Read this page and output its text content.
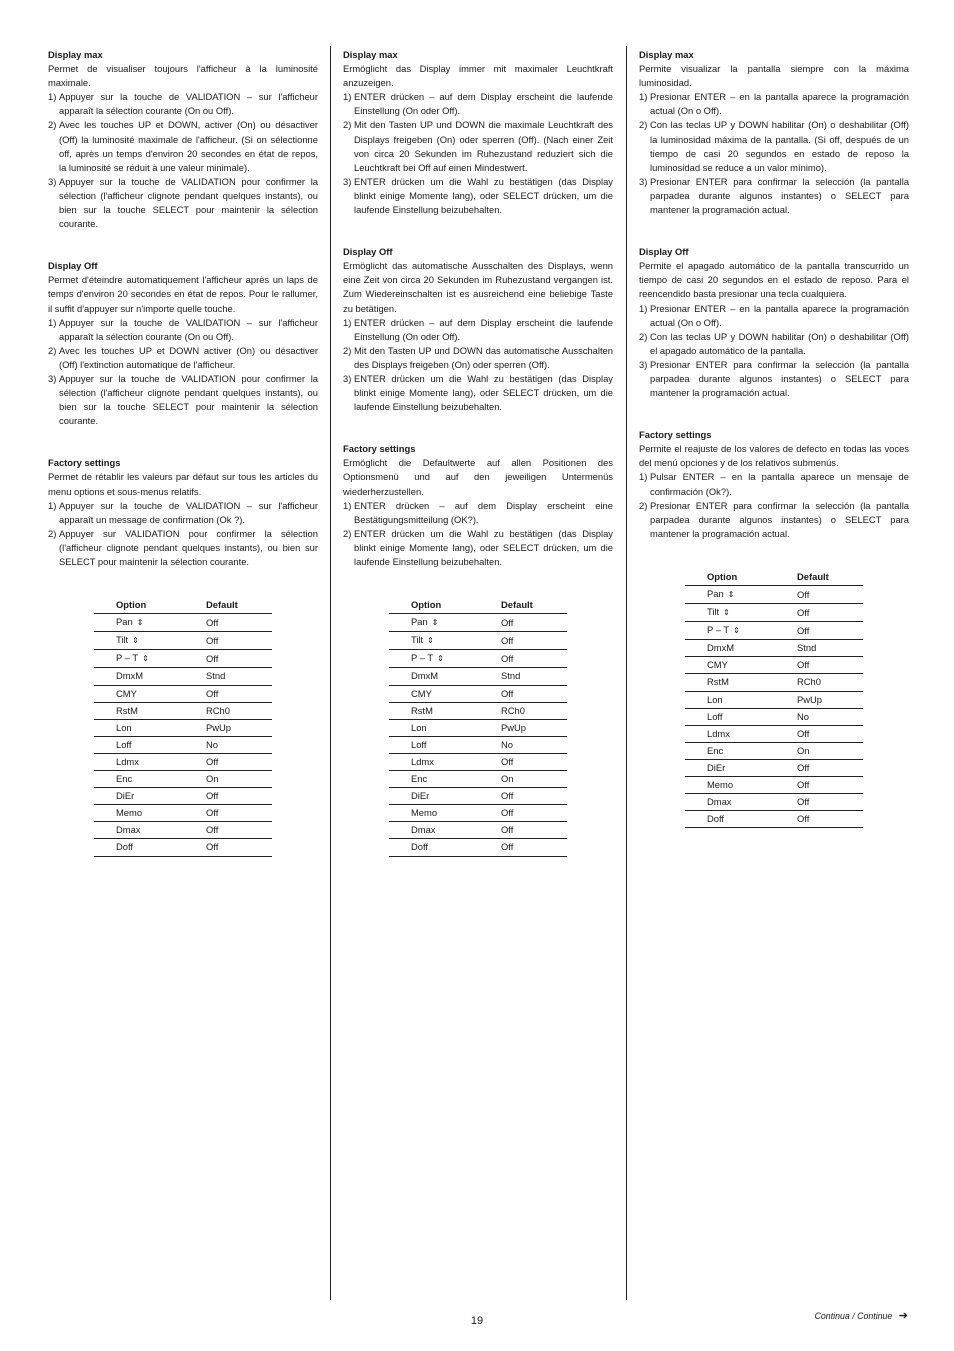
Display max

Permet de visualiser toujours l'afficheur à la luminosité maximale.

1) Appuyer sur la touche de VALIDATION – sur l'afficheur apparaît la sélection courante (On ou Off).
2) Avec les touches UP et DOWN, activer (On) ou désactiver (Off) la luminosité maximale de l'afficheur. (Si on sélectionne off, après un temps d'environ 20 secondes en état de repos, la luminosité se réduit à une valeur minimale).
3) Appuyer sur la touche de VALIDATION pour confirmer la sélection (l'afficheur clignote pendant quelques instants), ou bien sur la touche SELECT pour maintenir la sélection courante.
Display Off

Permet d'éteindre automatiquement l'afficheur après un laps de temps d'environ 20 secondes en état de repos. Pour le rallumer, il suffit d'appuyer sur n'importe quelle touche.

1) Appuyer sur la touche de VALIDATION – sur l'afficheur apparaît la sélection courante (On ou Off).
2) Avec les touches UP et DOWN activer (On) ou désactiver (Off) l'extinction automatique de l'afficheur.
3) Appuyer sur la touche de VALIDATION pour confirmer la sélection (l'afficheur clignote pendant quelques instants), ou bien sur la touche SELECT pour maintenir la sélection courante.
Factory settings

Permet de rétablir les valeurs par défaut sur tous les articles du menu options et sous-menus relatifs.

1) Appuyer sur la touche de VALIDATION – sur l'afficheur apparaît un message de confirmation (Ok ?).
2) Appuyer sur VALIDATION pour confirmer la sélection (l'afficheur clignote pendant quelques instants), ou bien sur SELECT pour maintenir la sélection courante.
Option	Default
Pan ⇕	Off
Tilt ⇕	Off
P – T ⇕	Off
DmxM	Stnd
CMY	Off
RstM	RCh0
Lon	PwUp
Loff	No
Ldmx	Off
Enc	On
DiEr	Off
Memo	Off
Dmax	Off
Doff	Off
Display max

Ermöglicht das Display immer mit maximaler Leuchtkraft anzuzeigen.

1) ENTER drücken – auf dem Display erscheint die laufende Einstellung (On oder Off).
2) Mit den Tasten UP und DOWN die maximale Leuchtkraft des Displays freigeben (On) oder sperren (Off). (Nach einer Zeit von circa 20 Sekunden im Ruhezustand reduziert sich die Leuchtkraft bei Off auf einen Mindestwert.
3) ENTER drücken um die Wahl zu bestätigen (das Display blinkt einige Momente lang), oder SELECT drücken, um die laufende Einstellung beizubehalten.
Display Off

Ermöglicht das automatische Ausschalten des Displays, wenn eine Zeit von circa 20 Sekunden im Ruhezustand vergangen ist. Zum Wiedereinschalten ist es ausreichend eine beliebige Taste zu betätigen.

1) ENTER drücken – auf dem Display erscheint die laufende Einstellung (On oder Off).
2) Mit den Tasten UP und DOWN das automatische Ausschalten des Displays freigeben (On) oder sperren (Off).
3) ENTER drücken um die Wahl zu bestätigen (das Display blinkt einige Momente lang), oder SELECT drücken, um die laufende Einstellung beizubehalten.
Factory settings

Ermöglicht die Defaultwerte auf allen Positionen des Optionsmenü und auf den jeweiligen Untermenüs wiederherzustellen.

1) ENTER drücken – auf dem Display erscheint eine Bestätigungsmitteilung (OK?).
2) ENTER drücken um die Wahl zu bestätigen (das Display blinkt einige Momente lang), oder SELECT drücken, um die laufende Einstellung beizubehalten.
Option	Default
Pan ⇕	Off
Tilt ⇕	Off
P – T ⇕	Off
DmxM	Stnd
CMY	Off
RstM	RCh0
Lon	PwUp
Loff	No
Ldmx	Off
Enc	On
DiEr	Off
Memo	Off
Dmax	Off
Doff	Off
Display max

Permite visualizar la pantalla siempre con la máxima luminosidad.

1) Presionar ENTER – en la pantalla aparece la programación actual (On o Off).
2) Con las teclas UP y DOWN habilitar (On) o deshabilitar (Off) la luminosidad máxima de la pantalla. (Si off, después de un tiempo de casi 20 segundos en estado de reposo la luminosidad se reduce a un valor mínimo).
3) Presionar ENTER para confirmar la selección (la pantalla parpadea durante algunos instantes) o SELECT para mantener la programación actual.
Display Off

Permite el apagado automático de la pantalla transcurrido un tiempo de casi 20 segundos en el estado de reposo. Para el reencendido basta presionar una tecla cualquiera.

1) Presionar ENTER – en la pantalla aparece la programación actual (On o Off).
2) Con las teclas UP y DOWN habilitar (On) o deshabilitar (Off) el apagado automático de la pantalla.
3) Presionar ENTER para confirmar la selección (la pantalla parpadea durante algunos instantes) o SELECT para mantener la programación actual.
Factory settings

Permite el reajuste de los valores de defecto en todas las voces del menú opciones y de los relativos submenús.

1) Pulsar ENTER – en la pantalla aparece un mensaje de confirmación (Ok?).
2) Presionar ENTER para confirmar la selección (la pantalla parpadea durante algunos instantes) o SELECT para mantener la programación actual.
Option	Default
Pan ⇕	Off
Tilt ⇕	Off
P – T ⇕	Off
DmxM	Stnd
CMY	Off
RstM	RCh0
Lon	PwUp
Loff	No
Ldmx	Off
Enc	On
DiEr	Off
Memo	Off
Dmax	Off
Doff	Off
19	Continua / Continue ➔
